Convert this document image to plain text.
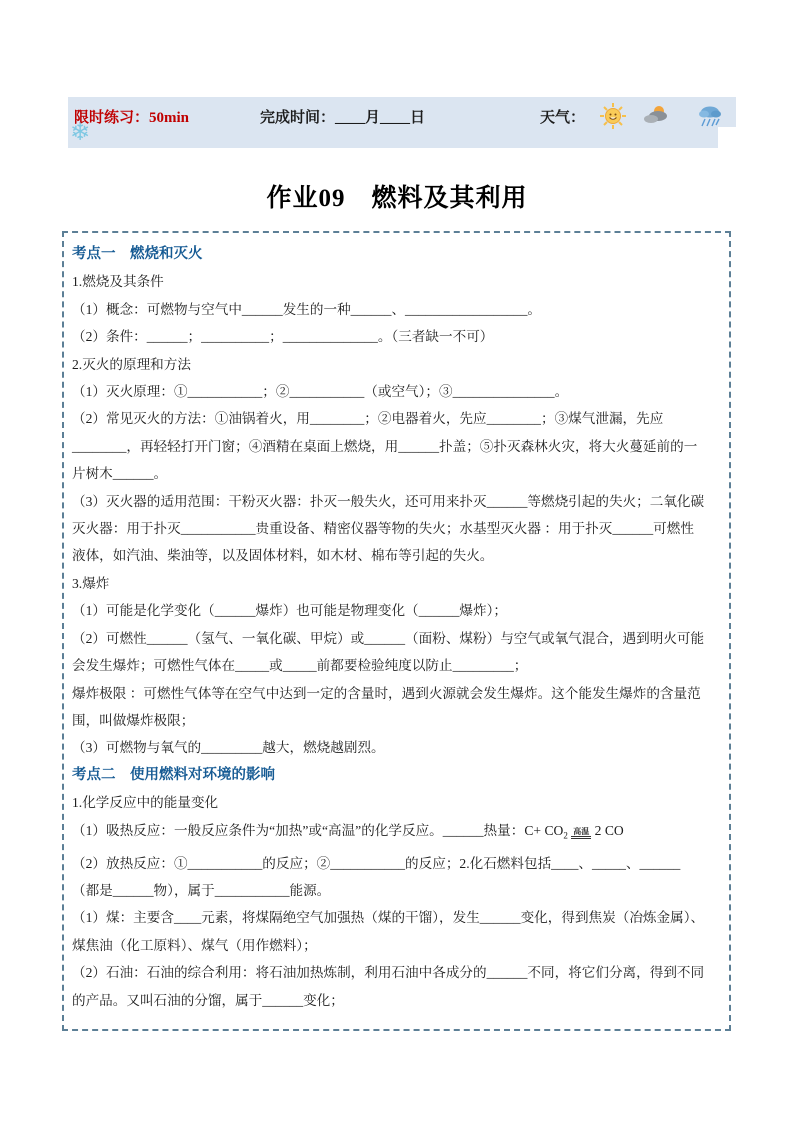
限时练习：50min	完成时间：____月____日	天气：
❄
作业09　燃料及其利用
考点一　燃烧和灭火
1.燃烧及其条件
（1）概念：可燃物与空气中______发生的一种______、__________________。
（2）条件：______；__________；______________。（三者缺一不可）
2.灭火的原理和方法
（1）灭火原理：①___________；②___________（或空气）；③_______________。
（2）常见灭火的方法：①油锅着火，用________；②电器着火，先应________；③煤气泄漏，先应
________，再轻轻打开门窗；④酒精在桌面上燃烧，用______扑盖；⑤扑灭森林火灾，将大火蔓延前的一
片树木______。
（3）灭火器的适用范围：干粉灭火器：扑灭一般失火，还可用来扑灭______等燃烧引起的失火；二氧化碳
灭火器：用于扑灭___________贵重设备、精密仪器等物的失火；水基型灭火器 ：用于扑灭______可燃性
液体，如汽油、柴油等，以及固体材料，如木材、棉布等引起的失火。
3.爆炸
（1）可能是化学变化（______爆炸）也可能是物理变化（______爆炸）；
（2）可燃性______（氢气、一氧化碳、甲烷）或______（面粉、煤粉）与空气或氧气混合，遇到明火可能
会发生爆炸；可燃性气体在_____或_____前都要检验纯度以防止_________；
爆炸极限 ：可燃性气体等在空气中达到一定的含量时，遇到火源就会发生爆炸。这个能发生爆炸的含量范
围，叫做爆炸极限；
（3）可燃物与氧气的_________越大，燃烧越剧烈。
考点二　使用燃料对环境的影响
1.化学反应中的能量变化
（1）吸热反应：一般反应条件为“加热”或“高温”的化学反应。______热量：$C+ CO_2$ 高温 2 CO
（2）放热反应：①___________的反应；②___________的反应；2.化石燃料包括____、_____、______
（都是______物），属于___________能源。
（1）煤：主要含____元素，将煤隔绝空气加强热（煤的干馏），发生______变化，得到焦炭（冶炼金属）、
煤焦油（化工原料）、煤气（用作燃料）；
（2）石油：石油的综合利用：将石油加热炼制，利用石油中各成分的______不同，将它们分离，得到不同
的产品。又叫石油的分馏，属于______变化；
